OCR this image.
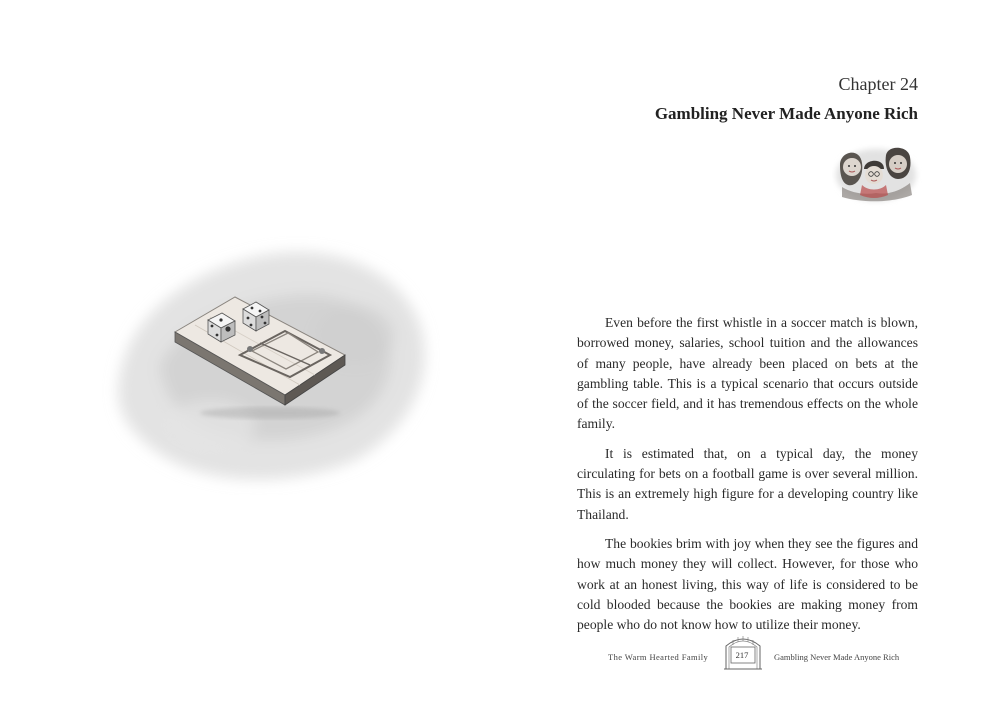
Chapter 24
Gambling Never Made Anyone Rich

Even before the first whistle in a soccer match is blown, borrowed money, salaries, school tuition and the allowances of many people, have already been placed on bets at the gambling table. This is a typical scenario that occurs outside of the soccer field, and it has tremendous effects on the whole family.

It is estimated that, on a typical day, the money circulating for bets on a football game is over several million. This is an extremely high figure for a developing country like Thailand.

The bookies brim with joy when they see the figures and how much money they will collect. However, for those who work at an honest living, this way of life is considered to be cold blooded because the bookies are making money from people who do not know how to utilize their money.

The Warm Hearted Family	217	Gambling Never Made Anyone Rich
